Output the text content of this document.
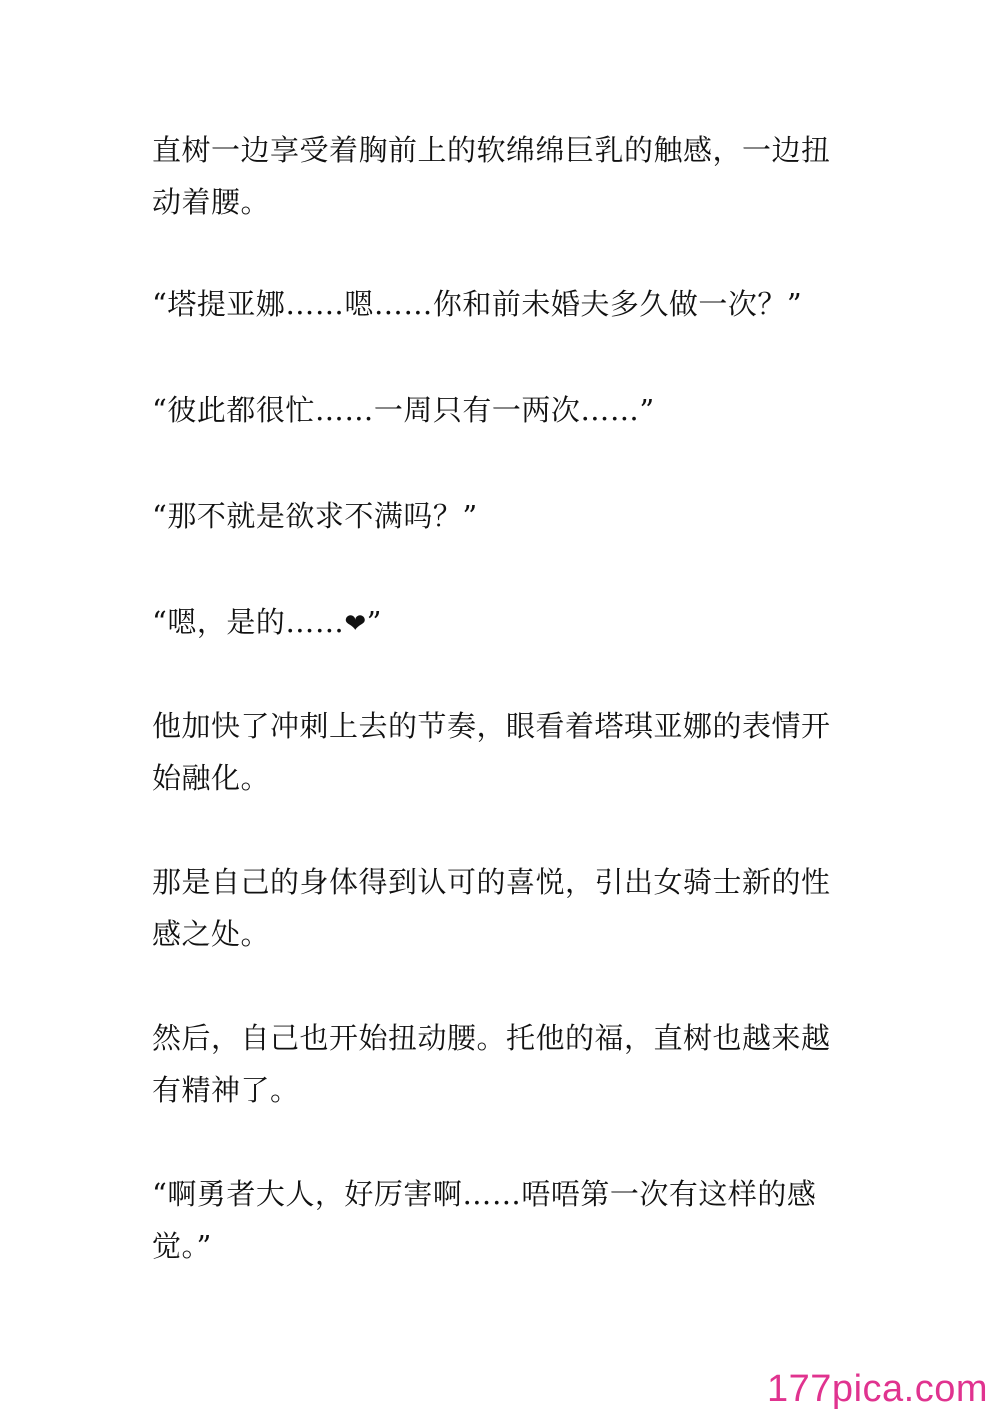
直树一边享受着胸前上的软绵绵巨乳的触感，一边扭动着腰。

“塔提亚娜……嗯……你和前未婚夫多久做一次？”

“彼此都很忙……一周只有一两次……”

“那不就是欲求不满吗？”

“嗯，是的……❤”

他加快了冲刺上去的节奏，眼看着塔琪亚娜的表情开始融化。

那是自己的身体得到认可的喜悦，引出女骑士新的性感之处。

然后，自己也开始扭动腰。托他的福，直树也越来越有精神了。

“啊勇者大人，好厉害啊……唔唔第一次有这样的感觉。”

177pica.com
